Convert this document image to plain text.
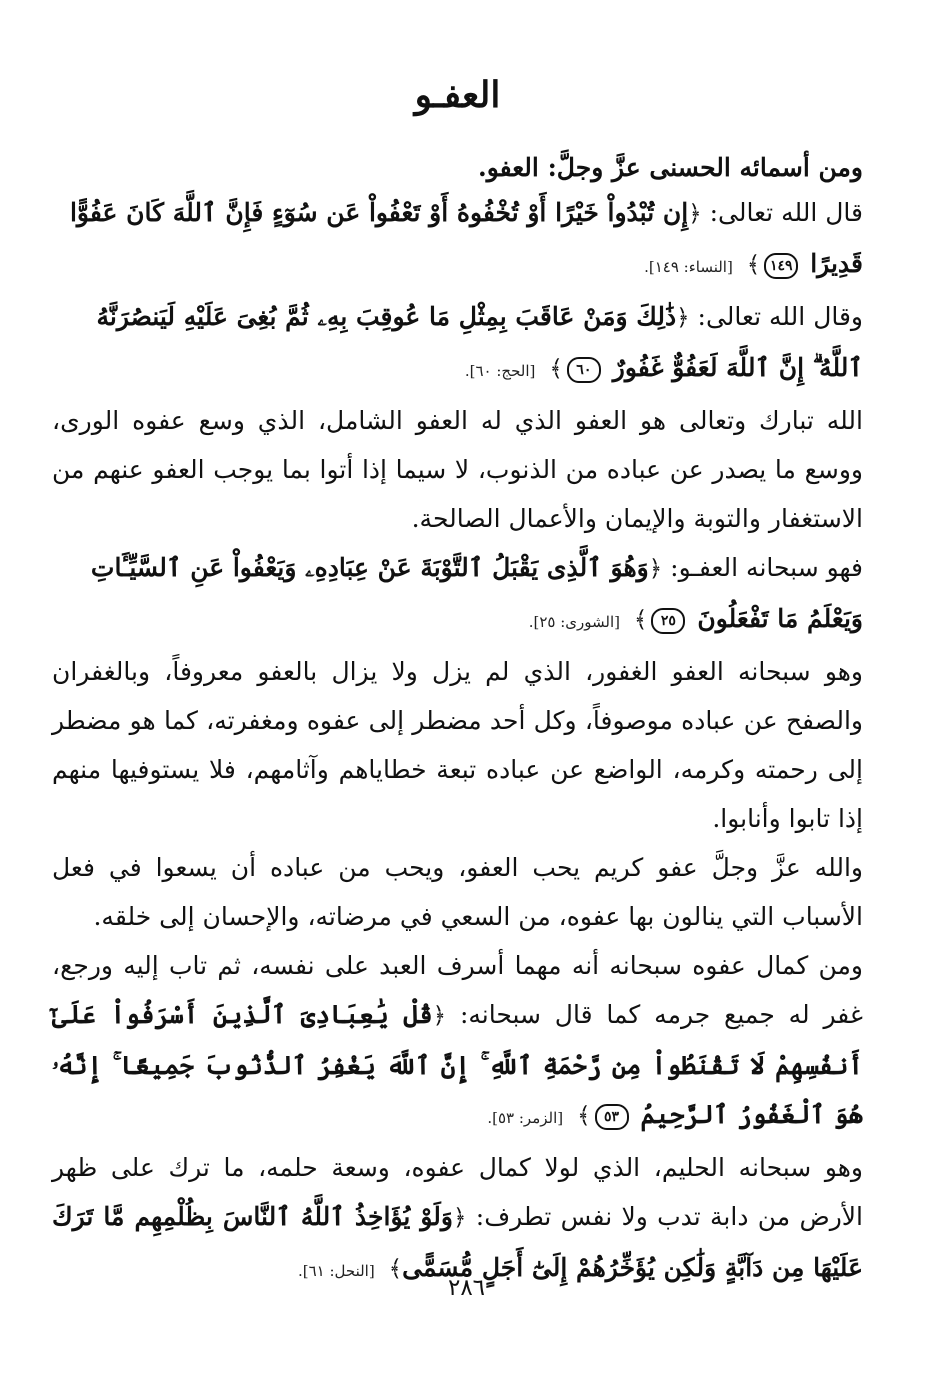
العفـو

ومن أسمائه الحسنى عزَّ وجلَّ: العفو.

قال الله تعالى: ﴿إِن تُبْدُواْ خَيْرًا أَوْ تُخْفُوهُ أَوْ تَعْفُواْ عَن سُوٓءٍ فَإِنَّ ٱللَّهَ كَانَ عَفُوًّا قَدِيرًا ١٤٩﴾ [النساء: ١٤٩].

وقال الله تعالى: ﴿ذَٰلِكَ وَمَنْ عَاقَبَ بِمِثْلِ مَا عُوقِبَ بِهِۦ ثُمَّ بُغِىَ عَلَيْهِ لَيَنصُرَنَّهُ ٱللَّهُ ۗ إِنَّ ٱللَّهَ لَعَفُوٌّ غَفُورٌ ٦٠﴾ [الحج: ٦٠].

الله تبارك وتعالى هو العفو الذي له العفو الشامل، الذي وسع عفوه الورى، ووسع ما يصدر عن عباده من الذنوب، لا سيما إذا أتوا بما يوجب العفو عنهم من الاستغفار والتوبة والإيمان والأعمال الصالحة.

فهو سبحانه العفـو: ﴿وَهُوَ ٱلَّذِى يَقْبَلُ ٱلتَّوْبَةَ عَنْ عِبَادِهِۦ وَيَعْفُواْ عَنِ ٱلسَّيِّـَٔاتِ وَيَعْلَمُ مَا تَفْعَلُونَ ٢٥﴾ [الشورى: ٢٥].

وهو سبحانه العفو الغفور، الذي لم يزل ولا يزال بالعفو معروفاً، وبالغفران والصفح عن عباده موصوفاً، وكل أحد مضطر إلى عفوه ومغفرته، كما هو مضطر إلى رحمته وكرمه، الواضع عن عباده تبعة خطاياهم وآثامهم، فلا يستوفيها منهم إذا تابوا وأنابوا.

والله عزَّ وجلَّ عفو كريم يحب العفو، ويحب من عباده أن يسعوا في فعل الأسباب التي ينالون بها عفوه، من السعي في مرضاته، والإحسان إلى خلقه.

ومن كمال عفوه سبحانه أنه مهما أسرف العبد على نفسه، ثم تاب إليه ورجع، غفر له جميع جرمه كما قال سبحانه: ﴿قُلْ يَٰعِبَادِىَ ٱلَّذِينَ أَسْرَفُواْ عَلَىٰٓ أَنفُسِهِمْ لَا تَقْنَطُواْ مِن رَّحْمَةِ ٱللَّهِ ۚ إِنَّ ٱللَّهَ يَغْفِرُ ٱلذُّنُوبَ جَمِيعًا ۚ إِنَّهُۥ هُوَ ٱلْغَفُورُ ٱلرَّحِيمُ ٥٣﴾ [الزمر: ٥٣].

وهو سبحانه الحليم، الذي لولا كمال عفوه، وسعة حلمه، ما ترك على ظهر الأرض من دابة تدب ولا نفس تطرف: ﴿وَلَوْ يُؤَاخِذُ ٱللَّهُ ٱلنَّاسَ بِظُلْمِهِم مَّا تَرَكَ عَلَيْهَا مِن دَآبَّةٍ وَلَٰكِن يُؤَخِّرُهُمْ إِلَىٰٓ أَجَلٍ مُّسَمًّى﴾ [النحل: ٦١].

٢٨٦
